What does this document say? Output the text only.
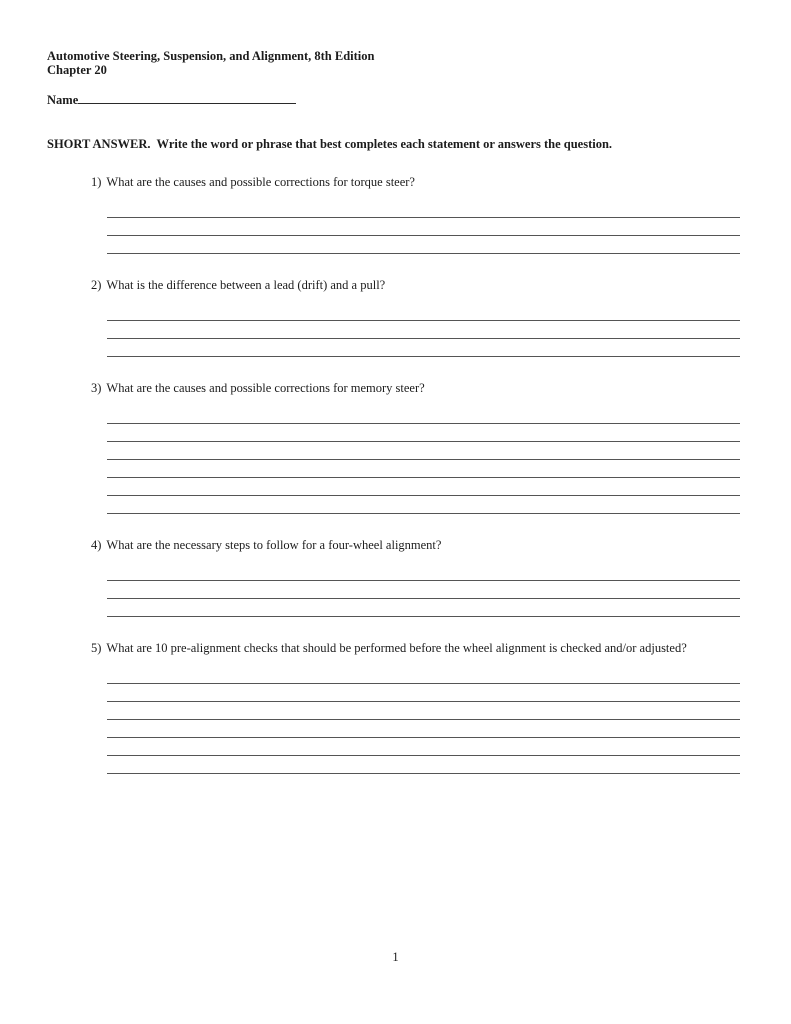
Automotive Steering, Suspension, and Alignment, 8th Edition
Chapter 20
Name
SHORT ANSWER.  Write the word or phrase that best completes each statement or answers the question.
1) What are the causes and possible corrections for torque steer?
2) What is the difference between a lead (drift) and a pull?
3) What are the causes and possible corrections for memory steer?
4) What are the necessary steps to follow for a four-wheel alignment?
5) What are 10 pre-alignment checks that should be performed before the wheel alignment is checked and/or adjusted?
1
